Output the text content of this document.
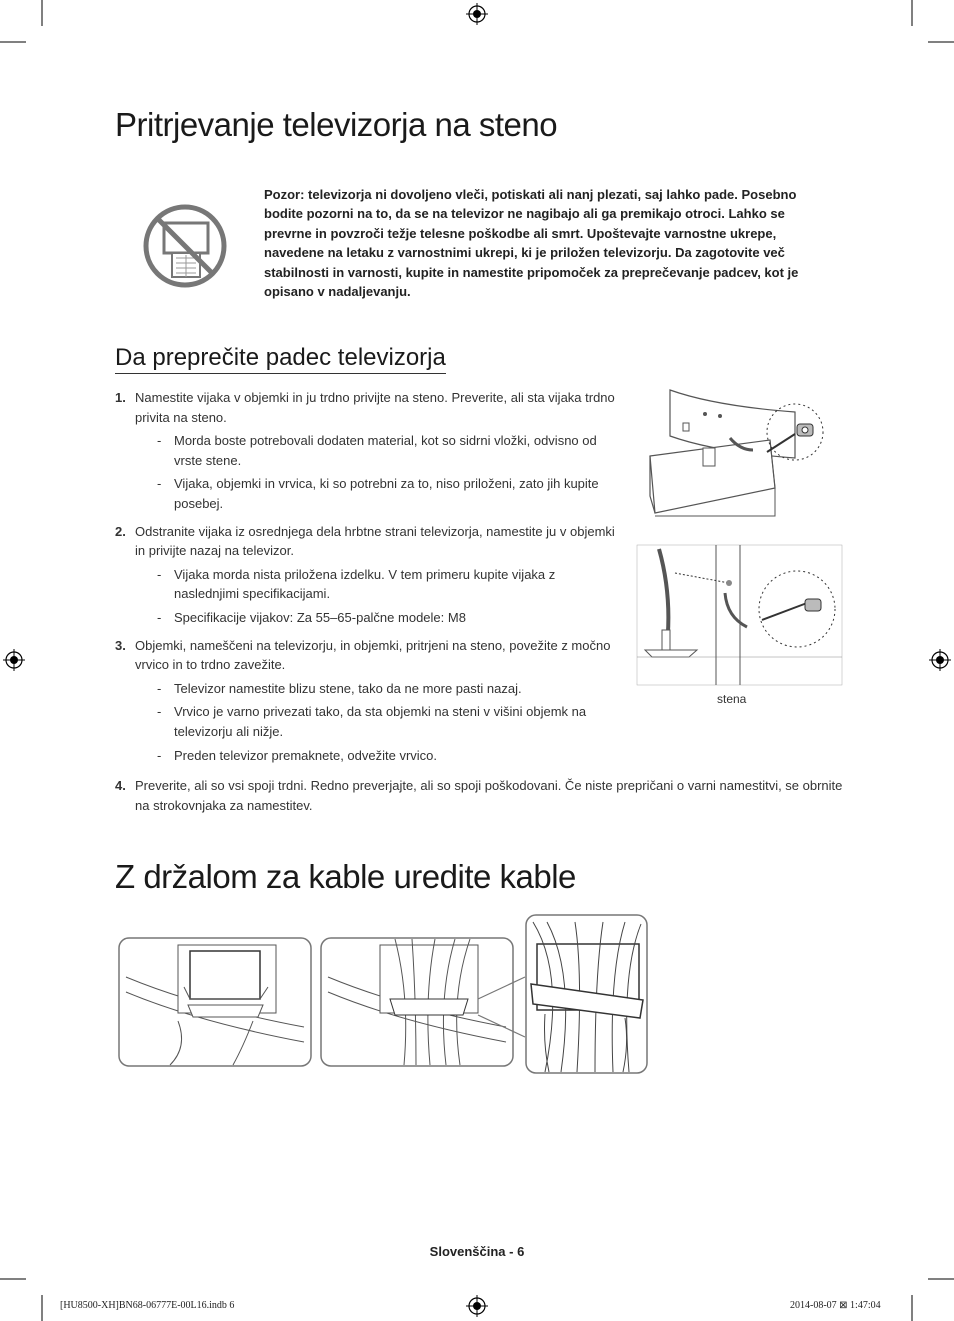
Pritrjevanje televizorja na steno
Pozor: televizorja ni dovoljeno vleči, potiskati ali nanj plezati, saj lahko pade. Posebno bodite pozorni na to, da se na televizor ne nagibajo ali ga premikajo otroci. Lahko se prevrne in povzroči težje telesne poškodbe ali smrt. Upoštevajte varnostne ukrepe, navedene na letaku z varnostnimi ukrepi, ki je priložen televizorju. Da zagotovite več stabilnosti in varnosti, kupite in namestite pripomoček za preprečevanje padcev, kot je opisano v nadaljevanju.
Da preprečite padec televizorja
1. Namestite vijaka v objemki in ju trdno privijte na steno. Preverite, ali sta vijaka trdno privita na steno.
- Morda boste potrebovali dodaten material, kot so sidrni vložki, odvisno od vrste stene.
- Vijaka, objemki in vrvica, ki so potrebni za to, niso priloženi, zato jih kupite posebej.
2. Odstranite vijaka iz osrednjega dela hrbtne strani televizorja, namestite ju v objemki in privijte nazaj na televizor.
- Vijaka morda nista priložena izdelku. V tem primeru kupite vijaka z naslednjimi specifikacijami.
- Specifikacije vijakov: Za 55–65-palčne modele: M8
3. Objemki, nameščeni na televizorju, in objemki, pritrjeni na steno, povežite z močno vrvico in to trdno zavežite.
- Televizor namestite blizu stene, tako da ne more pasti nazaj.
- Vrvico je varno privezati tako, da sta objemki na steni v višini objemk na televizorju ali nižje.
- Preden televizor premaknete, odvežite vrvico.
4. Preverite, ali so vsi spoji trdni. Redno preverjajte, ali so spoji poškodovani. Če niste prepričani o varni namestitvi, se obrnite na strokovnjaka za namestitev.
stena
Z držalom za kable uredite kable
Slovenščina - 6
[HU8500-XH]BN68-06777E-00L16.indb 6	2014-08-07 ⊠ 1:47:04
